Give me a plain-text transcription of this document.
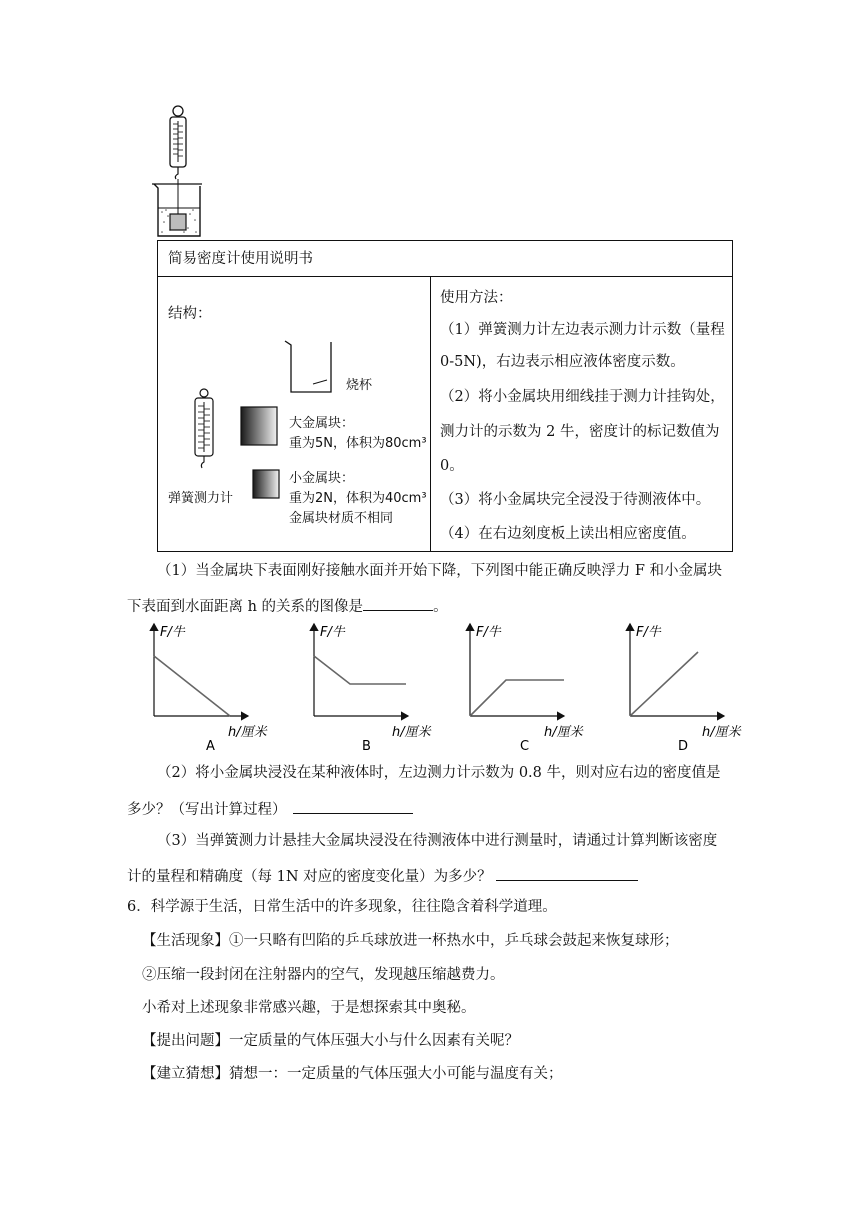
简易密度计使用说明书
结构：
烧杯
弹簧测力计
大金属块：
重为5N，体积为80cm³
小金属块：
重为2N，体积为40cm³
金属块材质不相同
使用方法：
（1）弹簧测力计左边表示测力计示数（量程
0-5N)，右边表示相应液体密度示数。
（2）将小金属块用细线挂于测力计挂钩处，
测力计的示数为 2 牛，密度计的标记数值为
0。
（3）将小金属块完全浸没于待测液体中。
（4）在右边刻度板上读出相应密度值。
（1）当金属块下表面刚好接触水面并开始下降，下列图中能正确反映浮力 F 和小金属块
下表面到水面距离 h 的关系的图像是	。
F/牛
h/厘米
A
F/牛
h/厘米
B
F/牛
h/厘米
C
F/牛
h/厘米
D
（2）将小金属块浸没在某种液体时，左边测力计示数为 0.8 牛，则对应右边的密度值是
多少？（写出计算过程）
（3）当弹簧测力计悬挂大金属块浸没在待测液体中进行测量时，请通过计算判断该密度
计的量程和精确度（每 1N 对应的密度变化量）为多少？
6．科学源于生活，日常生活中的许多现象，往往隐含着科学道理。
【生活现象】①一只略有凹陷的乒乓球放进一杯热水中，乒乓球会鼓起来恢复球形；
②压缩一段封闭在注射器内的空气，发现越压缩越费力。
小希对上述现象非常感兴趣，于是想探索其中奥秘。
【提出问题】一定质量的气体压强大小与什么因素有关呢？
【建立猜想】猜想一：一定质量的气体压强大小可能与温度有关；
